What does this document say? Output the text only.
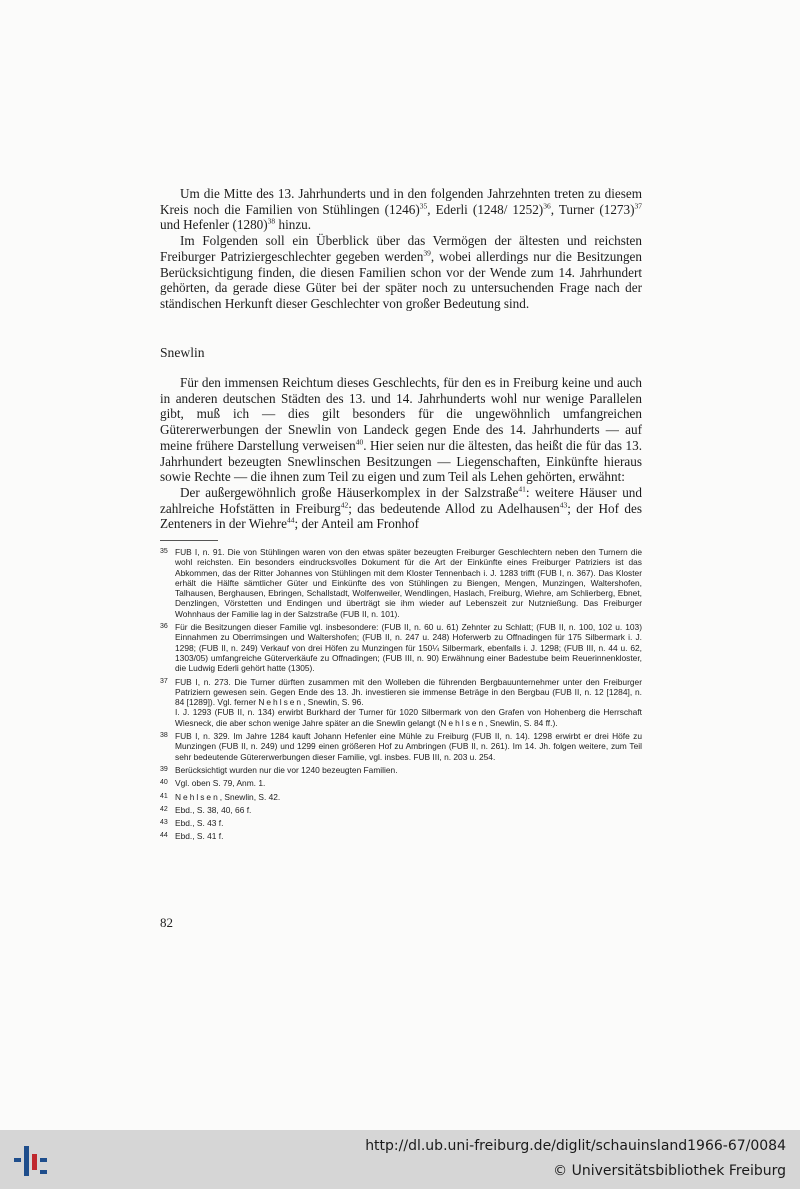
Um die Mitte des 13. Jahrhunderts und in den folgenden Jahrzehnten treten zu diesem Kreis noch die Familien von Stühlingen $(1246)^{35}$, Ederli (1248/ 1252)$^{36}$, Turner $(1273)^{37}$ und Hefenler $(1280)^{38}$ hinzu.

Im Folgenden soll ein Überblick über das Vermögen der ältesten und reichsten Freiburger Patriziergeschlechter gegeben werden$^{39}$, wobei allerdings nur die Besitzungen Berücksichtigung finden, die diesen Familien schon vor der Wende zum 14. Jahrhundert gehörten, da gerade diese Güter bei der später noch zu untersuchenden Frage nach der ständischen Herkunft dieser Geschlechter von großer Bedeutung sind.

Snewlin

Für den immensen Reichtum dieses Geschlechts, für den es in Freiburg keine und auch in anderen deutschen Städten des 13. und 14. Jahrhunderts wohl nur wenige Parallelen gibt, muß ich — dies gilt besonders für die ungewöhnlich umfangreichen Gütererwerbungen der Snewlin von Landeck gegen Ende des 14. Jahrhunderts — auf meine frühere Darstellung verweisen$^{40}$. Hier seien nur die ältesten, das heißt die für das 13. Jahrhundert bezeugten Snewlinschen Besitzungen — Liegenschaften, Einkünfte hieraus sowie Rechte — die ihnen zum Teil zu eigen und zum Teil als Lehen gehörten, erwähnt:

Der außergewöhnlich große Häuserkomplex in der Salzstraße$^{41}$: weitere Häuser und zahlreiche Hofstätten in Freiburg$^{42}$; das bedeutende Allod zu Adelhausen$^{43}$; der Hof des Zenteners in der Wiehre$^{44}$; der Anteil am Fronhof

35 FUB I, n. 91. Die von Stühlingen waren von den etwas später bezeugten Freiburger Geschlechtern neben den Turnern die wohl reichsten. Ein besonders eindrucksvolles Dokument für die Art der Einkünfte eines Freiburger Patriziers ist das Abkommen, das der Ritter Johannes von Stühlingen mit dem Kloster Tennenbach i. J. 1283 trifft (FUB I, n. 367). Das Kloster erhält die Hälfte sämtlicher Güter und Einkünfte des von Stühlingen zu Biengen, Mengen, Munzingen, Waltershofen, Talhausen, Berghausen, Ebringen, Schallstadt, Wolfenweiler, Wendlingen, Haslach, Freiburg, Wiehre, am Schlierberg, Ebnet, Denzlingen, Vörstetten und Endingen und überträgt sie ihm wieder auf Lebenszeit zur Nutznießung. Das Freiburger Wohnhaus der Familie lag in der Salzstraße (FUB II, n. 101).
36 Für die Besitzungen dieser Familie vgl. insbesondere: (FUB II, n. 60 u. 61) Zehnter zu Schlatt; (FUB II, n. 100, 102 u. 103) Einnahmen zu Oberrimsingen und Waltershofen; (FUB II, n. 247 u. 248) Hoferwerb zu Offnadingen für 175 Silbermark i. J. 1298; (FUB II, n. 249) Verkauf von drei Höfen zu Munzingen für 150¼ Silbermark, ebenfalls i. J. 1298; (FUB III, n. 44 u. 62, 1303/05) umfangreiche Güterverkäufe zu Offnadingen; (FUB III, n. 90) Erwähnung einer Badestube beim Reuerinnenkloster, die Ludwig Ederli gehört hatte (1305).
37 FUB I, n. 273. Die Turner dürften zusammen mit den Wolleben die führenden Bergbauunternehmer unter den Freiburger Patriziern gewesen sein. Gegen Ende des 13. Jh. investieren sie immense Beträge in den Bergbau (FUB II, n. 12 [1284], n. 84 [1289]). Vgl. ferner Nehlsen, Snewlin, S. 96.
I. J. 1293 (FUB II, n. 134) erwirbt Burkhard der Turner für 1020 Silbermark von den Grafen von Hohenberg die Herrschaft Wiesneck, die aber schon wenige Jahre später an die Snewlin gelangt (Nehlsen, Snewlin, S. 84 ff.).
38 FUB I, n. 329. Im Jahre 1284 kauft Johann Hefenler eine Mühle zu Freiburg (FUB II, n. 14). 1298 erwirbt er drei Höfe zu Munzingen (FUB II, n. 249) und 1299 einen größeren Hof zu Ambringen (FUB II, n. 261). Im 14. Jh. folgen weitere, zum Teil sehr bedeutende Gütererwerbungen dieser Familie, vgl. insbes. FUB III, n. 203 u. 254.
39 Berücksichtigt wurden nur die vor 1240 bezeugten Familien.
40 Vgl. oben S. 79, Anm. 1.
41 Nehlsen, Snewlin, S. 42.
42 Ebd., S. 38, 40, 66 f.
43 Ebd., S. 43 f.
44 Ebd., S. 41 f.
82
http://dl.ub.uni-freiburg.de/diglit/schauinsland1966-67/0084
© Universitätsbibliothek Freiburg
